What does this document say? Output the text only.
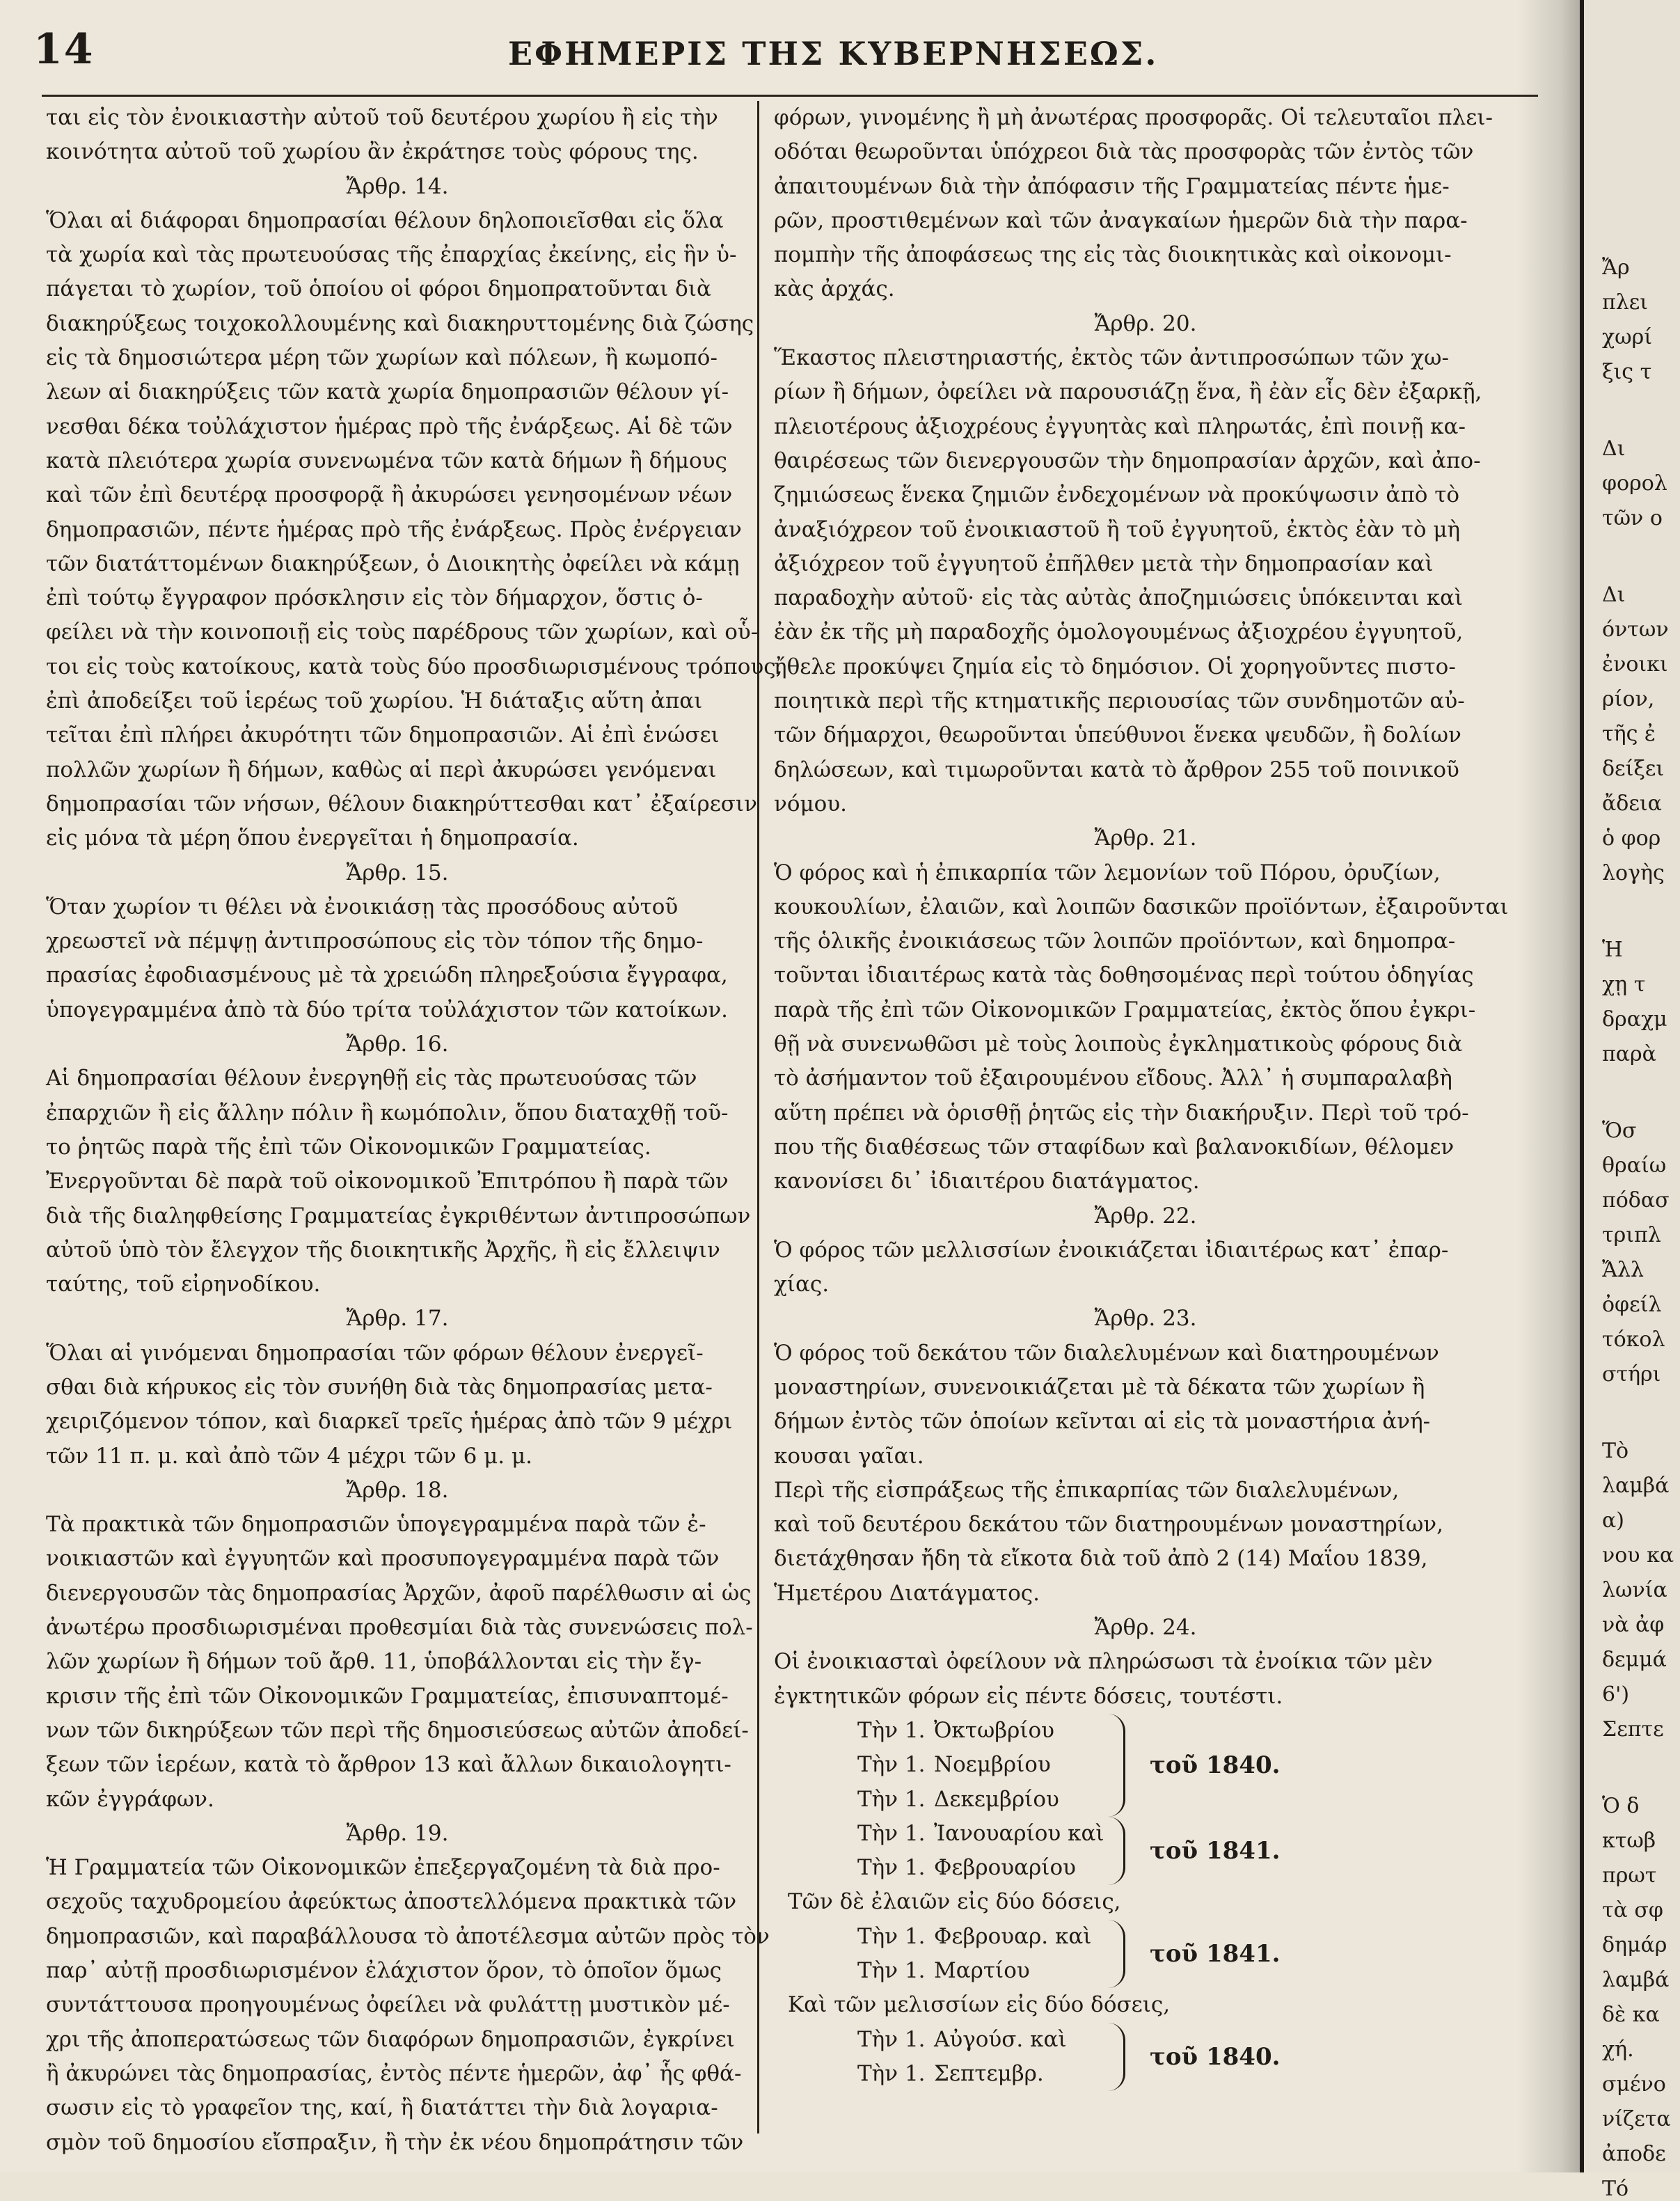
14	ΕΦΗΜΕΡΙΣ ΤΗΣ ΚΥΒΕΡΝΗΣΕΩΣ.

ται εἰς τὸν ἐνοικιαστὴν αὐτοῦ τοῦ δευτέρου χωρίου ἢ εἰς τὴν

κοινότητα αὐτοῦ τοῦ χωρίου ἂν ἐκράτησε τοὺς φόρους της.

Ἄρθρ. 14.

Ὅλαι αἱ διάφοραι δημοπρασίαι θέλουν δηλοποιεῖσθαι εἰς ὅλα

τὰ χωρία καὶ τὰς πρωτευούσας τῆς ἐπαρχίας ἐκείνης, εἰς ἣν ὑ-

πάγεται τὸ χωρίον, τοῦ ὁποίου οἱ φόροι δημοπρατοῦνται διὰ

διακηρύξεως τοιχοκολλουμένης καὶ διακηρυττομένης διὰ ζώσης

εἰς τὰ δημοσιώτερα μέρη τῶν χωρίων καὶ πόλεων, ἢ κωμοπό-

λεων αἱ διακηρύξεις τῶν κατὰ χωρία δημοπρασιῶν θέλουν γί-

νεσθαι δέκα τοὐλάχιστον ἡμέρας πρὸ τῆς ἐνάρξεως. Αἱ δὲ τῶν

κατὰ πλειότερα χωρία συνενωμένα τῶν κατὰ δήμων ἢ δήμους

καὶ τῶν ἐπὶ δευτέρᾳ προσφορᾷ ἢ ἀκυρώσει γενησομένων νέων

δημοπρασιῶν, πέντε ἡμέρας πρὸ τῆς ἐνάρξεως. Πρὸς ἐνέργειαν

τῶν διατάττομένων διακηρύξεων, ὁ Διοικητὴς ὀφείλει νὰ κάμῃ

ἐπὶ τούτῳ ἔγγραφον πρόσκλησιν εἰς τὸν δήμαρχον, ὅστις ὀ-

φείλει νὰ τὴν κοινοποιῇ εἰς τοὺς παρέδρους τῶν χωρίων, καὶ οὗ-

τοι εἰς τοὺς κατοίκους, κατὰ τοὺς δύο προσδιωρισμένους τρόπους,

ἐπὶ ἀποδείξει τοῦ ἱερέως τοῦ χωρίου. Ἡ διάταξις αὕτη ἀπαι

τεῖται ἐπὶ πλήρει ἀκυρότητι τῶν δημοπρασιῶν. Αἱ ἐπὶ ἑνώσει

πολλῶν χωρίων ἢ δήμων, καθὼς αἱ περὶ ἀκυρώσει γενόμεναι

δημοπρασίαι τῶν νήσων, θέλουν διακηρύττεσθαι κατ᾽ ἐξαίρεσιν

εἰς μόνα τὰ μέρη ὅπου ἐνεργεῖται ἡ δημοπρασία.

Ἄρθρ. 15.

Ὅταν χωρίον τι θέλει νὰ ἐνοικιάσῃ τὰς προσόδους αὐτοῦ

χρεωστεῖ νὰ πέμψῃ ἀντιπροσώπους εἰς τὸν τόπον τῆς δημο-

πρασίας ἐφοδιασμένους μὲ τὰ χρειώδη πληρεξούσια ἔγγραφα,

ὑπογεγραμμένα ἀπὸ τὰ δύο τρίτα τοὐλάχιστον τῶν κατοίκων.

Ἄρθρ. 16.

Αἱ δημοπρασίαι θέλουν ἐνεργηθῇ εἰς τὰς πρωτευούσας τῶν

ἐπαρχιῶν ἢ εἰς ἄλλην πόλιν ἢ κωμόπολιν, ὅπου διαταχθῇ τοῦ-

το ῥητῶς παρὰ τῆς ἐπὶ τῶν Οἰκονομικῶν Γραμματείας.

Ἐνεργοῦνται δὲ παρὰ τοῦ οἰκονομικοῦ Ἐπιτρόπου ἢ παρὰ τῶν

διὰ τῆς διαληφθείσης Γραμματείας ἐγκριθέντων ἀντιπροσώπων

αὐτοῦ ὑπὸ τὸν ἔλεγχον τῆς διοικητικῆς Ἀρχῆς, ἢ εἰς ἔλλειψιν

ταύτης, τοῦ εἰρηνοδίκου.

Ἄρθρ. 17.

Ὅλαι αἱ γινόμεναι δημοπρασίαι τῶν φόρων θέλουν ἐνεργεῖ-

σθαι διὰ κήρυκος εἰς τὸν συνήθη διὰ τὰς δημοπρασίας μετα-

χειριζόμενον τόπον, καὶ διαρκεῖ τρεῖς ἡμέρας ἀπὸ τῶν 9 μέχρι

τῶν 11 π. μ. καὶ ἀπὸ τῶν 4 μέχρι τῶν 6 μ. μ.

Ἄρθρ. 18.

Τὰ πρακτικὰ τῶν δημοπρασιῶν ὑπογεγραμμένα παρὰ τῶν ἐ-

νοικιαστῶν καὶ ἐγγυητῶν καὶ προσυπογεγραμμένα παρὰ τῶν

διενεργουσῶν τὰς δημοπρασίας Ἀρχῶν, ἀφοῦ παρέλθωσιν αἱ ὡς

ἀνωτέρω προσδιωρισμέναι προθεσμίαι διὰ τὰς συνενώσεις πολ-

λῶν χωρίων ἢ δήμων τοῦ ἄρθ. 11, ὑποβάλλονται εἰς τὴν ἔγ-

κρισιν τῆς ἐπὶ τῶν Οἰκονομικῶν Γραμματείας, ἐπισυναπτομέ-

νων τῶν δικηρύξεων τῶν περὶ τῆς δημοσιεύσεως αὐτῶν ἀποδεί-

ξεων τῶν ἱερέων, κατὰ τὸ ἄρθρον 13 καὶ ἄλλων δικαιολογητι-

κῶν ἐγγράφων.

Ἄρθρ. 19.

Ἡ Γραμματεία τῶν Οἰκονομικῶν ἐπεξεργαζομένη τὰ διὰ προ-

σεχοῦς ταχυδρομείου ἀφεύκτως ἀποστελλόμενα πρακτικὰ τῶν

δημοπρασιῶν, καὶ παραβάλλουσα τὸ ἀποτέλεσμα αὐτῶν πρὸς τὸν

παρ᾽ αὐτῇ προσδιωρισμένον ἐλάχιστον ὅρον, τὸ ὁποῖον ὅμως

συντάττουσα προηγουμένως ὀφείλει νὰ φυλάττῃ μυστικὸν μέ-

χρι τῆς ἀποπερατώσεως τῶν διαφόρων δημοπρασιῶν, ἐγκρίνει

ἢ ἀκυρώνει τὰς δημοπρασίας, ἐντὸς πέντε ἡμερῶν, ἀφ᾽ ἧς φθά-

σωσιν εἰς τὸ γραφεῖον της, καί, ἢ διατάττει τὴν διὰ λογαρια-

σμὸν τοῦ δημοσίου εἴσπραξιν, ἢ τὴν ἐκ νέου δημοπράτησιν τῶν

φόρων, γινομένης ἢ μὴ ἀνωτέρας προσφορᾶς. Οἱ τελευταῖοι πλει-

οδόται θεωροῦνται ὑπόχρεοι διὰ τὰς προσφορὰς τῶν ἐντὸς τῶν

ἀπαιτουμένων διὰ τὴν ἀπόφασιν τῆς Γραμματείας πέντε ἡμε-

ρῶν, προστιθεμένων καὶ τῶν ἀναγκαίων ἡμερῶν διὰ τὴν παρα-

πομπὴν τῆς ἀποφάσεως της εἰς τὰς διοικητικὰς καὶ οἰκονομι-

κὰς ἀρχάς.

Ἄρθρ. 20.

Ἕκαστος πλειστηριαστής, ἐκτὸς τῶν ἀντιπροσώπων τῶν χω-

ρίων ἢ δήμων, ὀφείλει νὰ παρουσιάζῃ ἕνα, ἢ ἐὰν εἷς δὲν ἐξαρκῇ,

πλειοτέρους ἀξιοχρέους ἐγγυητὰς καὶ πληρωτάς, ἐπὶ ποινῇ κα-

θαιρέσεως τῶν διενεργουσῶν τὴν δημοπρασίαν ἀρχῶν, καὶ ἀπο-

ζημιώσεως ἕνεκα ζημιῶν ἐνδεχομένων νὰ προκύψωσιν ἀπὸ τὸ

ἀναξιόχρεον τοῦ ἐνοικιαστοῦ ἢ τοῦ ἐγγυητοῦ, ἐκτὸς ἐὰν τὸ μὴ

ἀξιόχρεον τοῦ ἐγγυητοῦ ἐπῆλθεν μετὰ τὴν δημοπρασίαν καὶ

παραδοχὴν αὐτοῦ· εἰς τὰς αὐτὰς ἀποζημιώσεις ὑπόκεινται καὶ

ἐὰν ἐκ τῆς μὴ παραδοχῆς ὁμολογουμένως ἀξιοχρέου ἐγγυητοῦ,

ἤθελε προκύψει ζημία εἰς τὸ δημόσιον. Οἱ χορηγοῦντες πιστο-

ποιητικὰ περὶ τῆς κτηματικῆς περιουσίας τῶν συνδημοτῶν αὐ-

τῶν δήμαρχοι, θεωροῦνται ὑπεύθυνοι ἕνεκα ψευδῶν, ἢ δολίων

δηλώσεων, καὶ τιμωροῦνται κατὰ τὸ ἄρθρον 255 τοῦ ποινικοῦ

νόμου.

Ἄρθρ. 21.

Ὁ φόρος καὶ ἡ ἐπικαρπία τῶν λεμονίων τοῦ Πόρου, ὀρυζίων,

κουκουλίων, ἐλαιῶν, καὶ λοιπῶν δασικῶν προϊόντων, ἐξαιροῦνται

τῆς ὁλικῆς ἐνοικιάσεως τῶν λοιπῶν προϊόντων, καὶ δημοπρα-

τοῦνται ἰδιαιτέρως κατὰ τὰς δοθησομένας περὶ τούτου ὁδηγίας

παρὰ τῆς ἐπὶ τῶν Οἰκονομικῶν Γραμματείας, ἐκτὸς ὅπου ἐγκρι-

θῇ νὰ συνενωθῶσι μὲ τοὺς λοιποὺς ἐγκληματικοὺς φόρους διὰ

τὸ ἀσήμαντον τοῦ ἐξαιρουμένου εἴδους. Ἀλλ᾽ ἡ συμπαραλαβὴ

αὕτη πρέπει νὰ ὁρισθῇ ῥητῶς εἰς τὴν διακήρυξιν. Περὶ τοῦ τρό-

που τῆς διαθέσεως τῶν σταφίδων καὶ βαλανοκιδίων, θέλομεν

κανονίσει δι᾽ ἰδιαιτέρου διατάγματος.

Ἄρθρ. 22.

Ὁ φόρος τῶν μελλισσίων ἐνοικιάζεται ἰδιαιτέρως κατ᾽ ἐπαρ-

χίας.

Ἄρθρ. 23.

Ὁ φόρος τοῦ δεκάτου τῶν διαλελυμένων καὶ διατηρουμένων

μοναστηρίων, συνενοικιάζεται μὲ τὰ δέκατα τῶν χωρίων ἢ

δήμων ἐντὸς τῶν ὁποίων κεῖνται αἱ εἰς τὰ μοναστήρια ἀνή-

κουσαι γαῖαι.

Περὶ τῆς εἰσπράξεως τῆς ἐπικαρπίας τῶν διαλελυμένων,

καὶ τοῦ δευτέρου δεκάτου τῶν διατηρουμένων μοναστηρίων,

διετάχθησαν ἤδη τὰ εἴκοτα διὰ τοῦ ἀπὸ 2 (14) Μαΐου 1839,

Ἡμετέρου Διατάγματος.

Ἄρθρ. 24.

Οἱ ἐνοικιασταὶ ὀφείλουν νὰ πληρώσωσι τὰ ἐνοίκια τῶν μὲν

ἐγκτητικῶν φόρων εἰς πέντε δόσεις, τουτέστι.

Τὴν 1. Ὀκτωβρίου
Τὴν 1. Νοεμβρίου
Τὴν 1. Δεκεμβρίου
τοῦ 1840.
Τὴν 1. Ἰανουαρίου καὶ
Τὴν 1. Φεβρουαρίου
τοῦ 1841.

Τῶν δὲ ἐλαιῶν εἰς δύο δόσεις,

Τὴν 1. Φεβρουαρ. καὶ
Τὴν 1. Μαρτίου
τοῦ 1841.

Καὶ τῶν μελισσίων εἰς δύο δόσεις,

Τὴν 1. Αὐγούσ. καὶ
Τὴν 1. Σεπτεμβρ.
τοῦ 1840.
Ἄρ
πλει
χωρί
ξις τ
Δι
φορολ
τῶν ο
Δι
όντων
ἐνοικι
ρίον,
τῆς ἐ
δείξει
ἄδεια
ὁ φορ
λογὴς
Ἡ
χῃ τ
δραχμ
παρὰ
Ὅσ
θραίω
πόδασ
τριπλ
Ἄλλ
ὀφείλ
τόκολ
στήρι
Τὸ
λαμβά
α)
νου κα
λωνία
νὰ ἀφ
δεμμά
6')
Σεπτε
Ὁ δ
κτωβ
πρωτ
τὰ σφ
δημάρ
λαμβά
δὲ κα
χή.
σμένο
νίζετα
ἀποδε
Τό
